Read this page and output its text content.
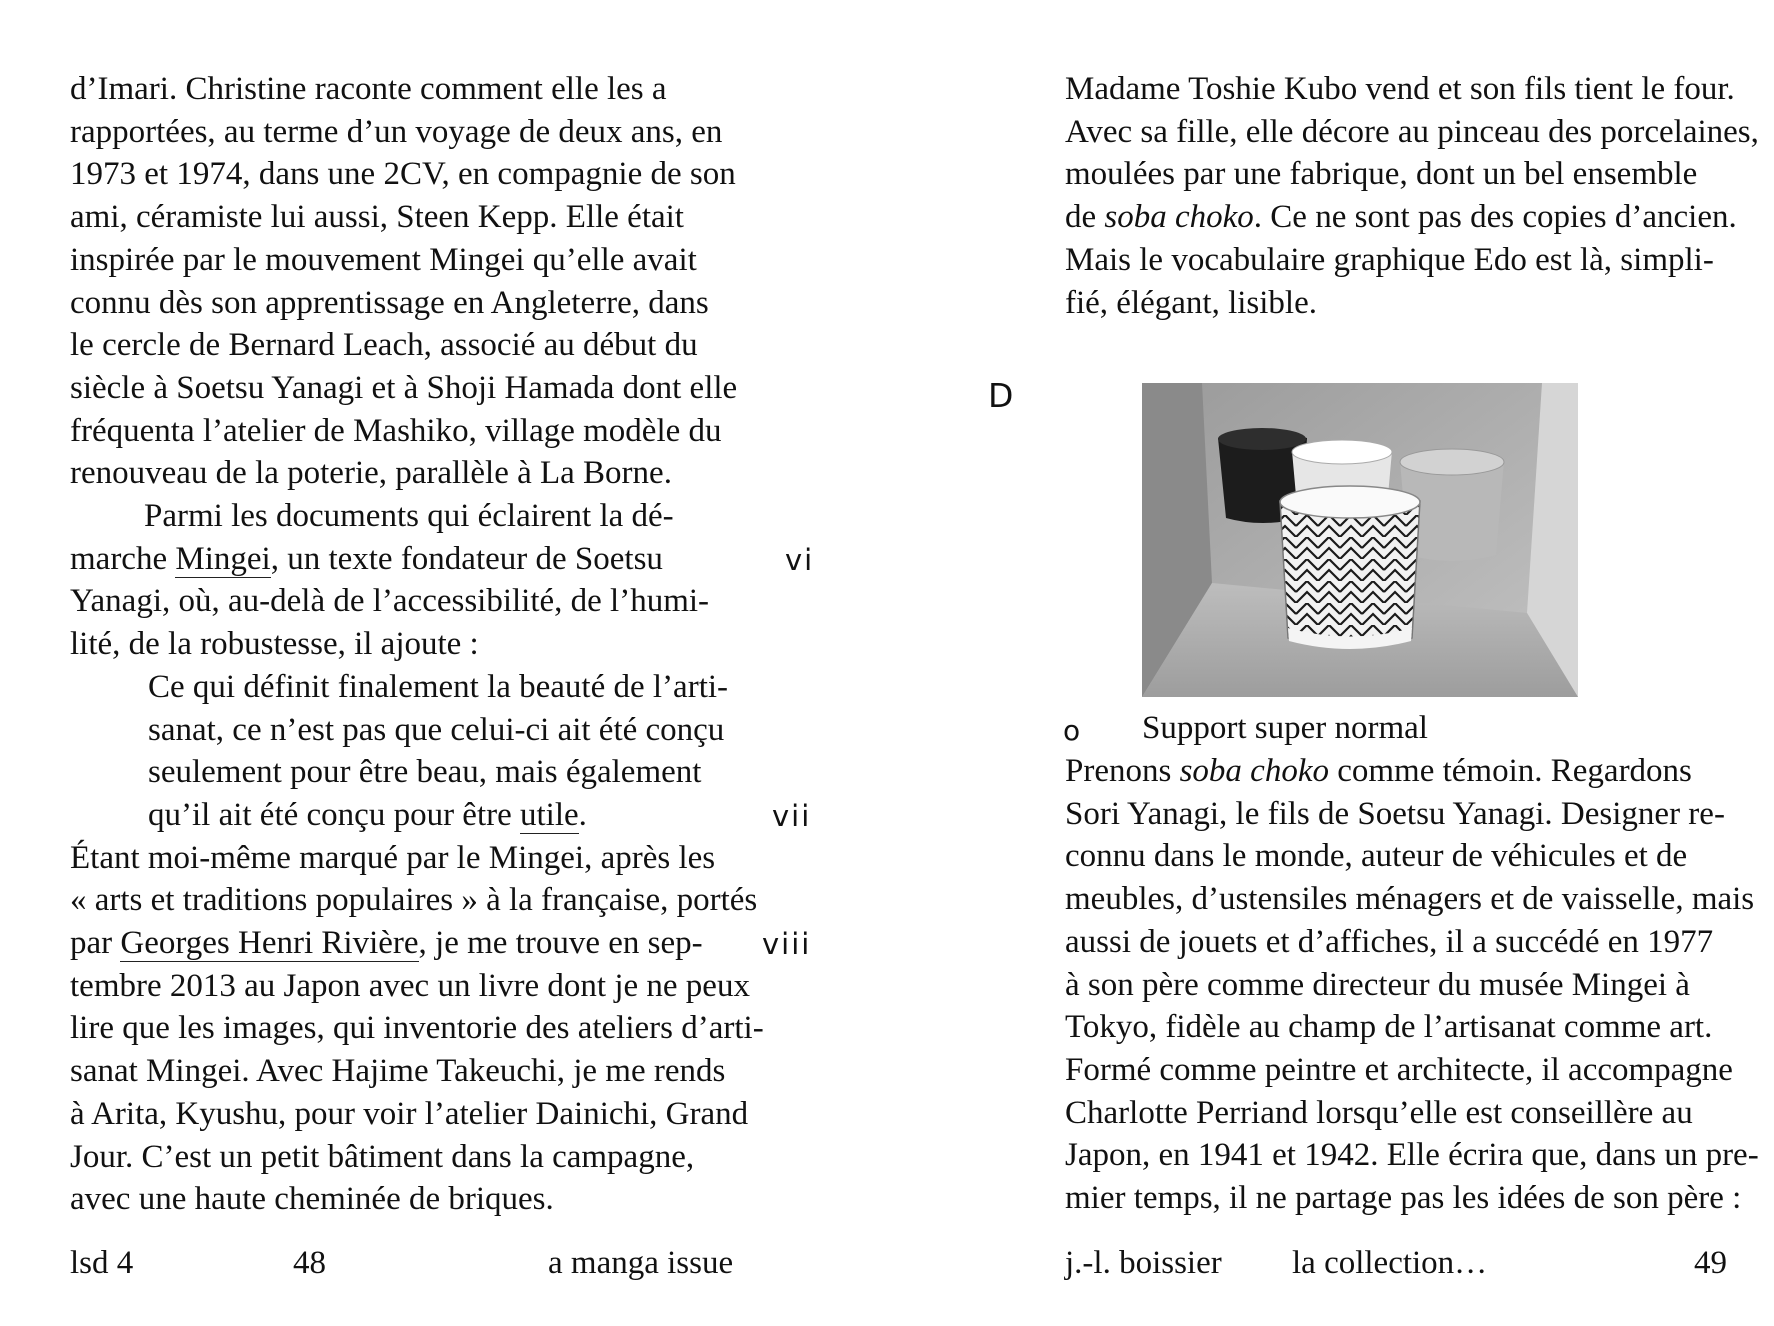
d’Imari. Christine raconte comment elle les a
rapportées, au terme d’un voyage de deux ans, en
1973 et 1974, dans une 2CV, en compagnie de son
ami, céramiste lui aussi, Steen Kepp. Elle était
inspirée par le mouvement Mingei qu’elle avait
connu dès son apprentissage en Angleterre, dans
le cercle de Bernard Leach, associé au début du
siècle à Soetsu Yanagi et à Shoji Hamada dont elle
fréquenta l’atelier de Mashiko, village modèle du
renouveau de la poterie, parallèle à La Borne.
Parmi les documents qui éclairent la dé-
marche Mingei, un texte fondateur de Soetsu
Yanagi, où, au-delà de l’accessibilité, de l’humi-
lité, de la robustesse, il ajoute :
Ce qui définit finalement la beauté de l’arti-
sanat, ce n’est pas que celui-ci ait été conçu
seulement pour être beau, mais également
qu’il ait été conçu pour être utile.
Étant moi-même marqué par le Mingei, après les
« arts et traditions populaires » à la française, portés
par Georges Henri Rivière, je me trouve en sep-
tembre 2013 au Japon avec un livre dont je ne peux
lire que les images, qui inventorie des ateliers d’arti-
sanat Mingei. Avec Hajime Takeuchi, je me rends
à Arita, Kyushu, pour voir l’atelier Dainichi, Grand
Jour. C’est un petit bâtiment dans la campagne,
avec une haute cheminée de briques.
vi
vii
viii
lsd 4	48	a manga issue
Madame Toshie Kubo vend et son fils tient le four.
Avec sa fille, elle décore au pinceau des porcelaines,
moulées par une fabrique, dont un bel ensemble
de soba choko. Ce ne sont pas des copies d’ancien.
Mais le vocabulaire graphique Edo est là, simpli-
fié, élégant, lisible.
o Support super normal
Prenons soba choko comme témoin. Regardons
Sori Yanagi, le fils de Soetsu Yanagi. Designer re-
connu dans le monde, auteur de véhicules et de
meubles, d’ustensiles ménagers et de vaisselle, mais
aussi de jouets et d’affiches, il a succédé en 1977
à son père comme directeur du musée Mingei à
Tokyo, fidèle au champ de l’artisanat comme art.
Formé comme peintre et architecte, il accompagne
Charlotte Perriand lorsqu’elle est conseillère au
Japon, en 1941 et 1942. Elle écrira que, dans un pre-
mier temps, il ne partage pas les idées de son père :
j.-l. boissier la collection…	49
D
